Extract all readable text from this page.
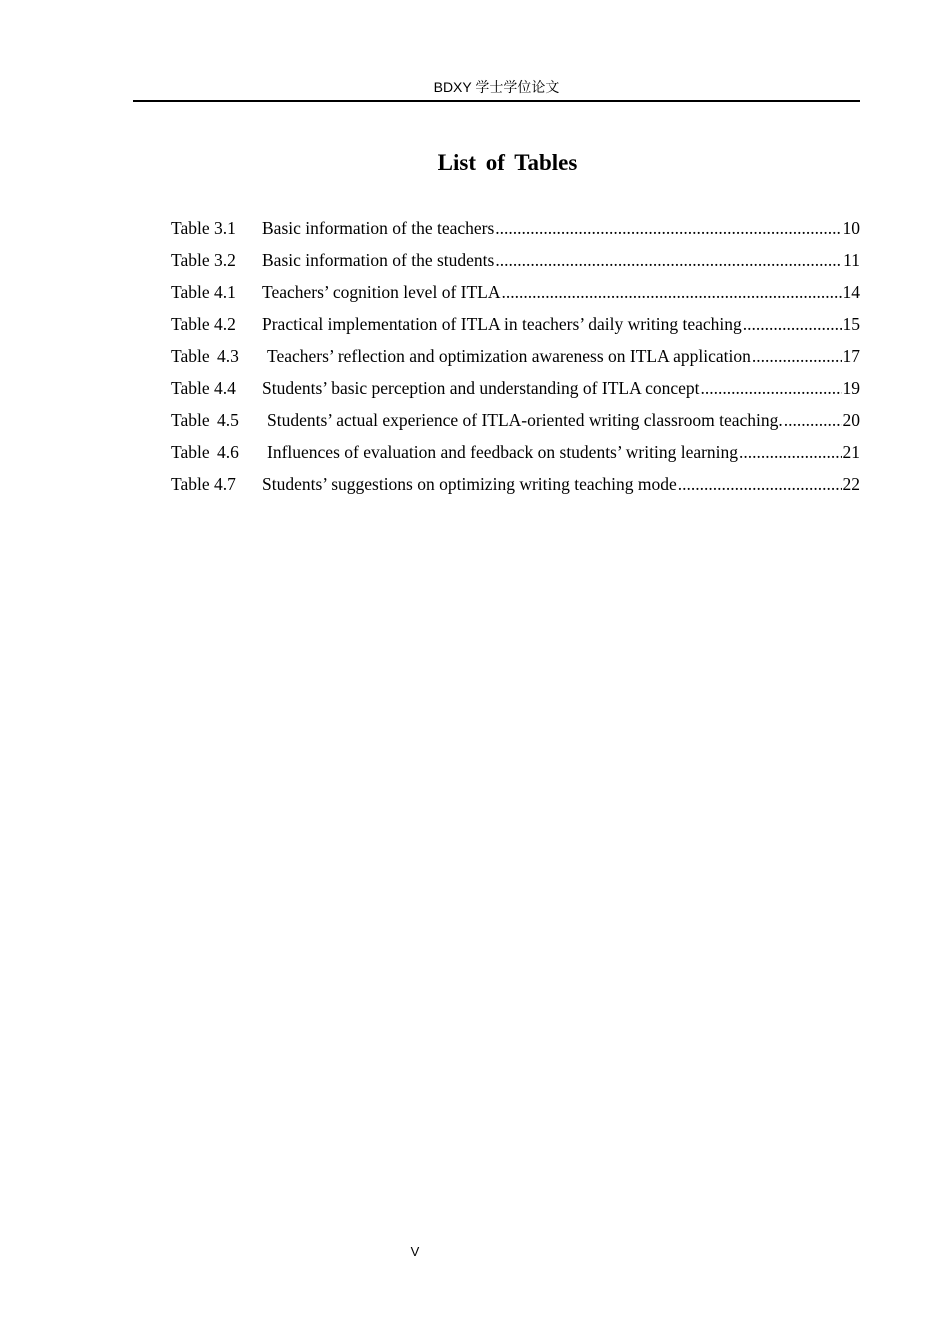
BDXY 学士学位论文
List of Tables
Table 3.1	Basic information of the teachers .....	10
Table 3.2	Basic information of the students .....	11
Table 4.1	Teachers’ cognition level of ITLA .....	14
Table 4.2	Practical implementation of ITLA in teachers’ daily writing teaching .....	15
Table 4.3	Teachers’ reflection and optimization awareness on ITLA application .....	17
Table 4.4	Students’ basic perception and understanding of ITLA concept .....	19
Table 4.5	Students’ actual experience of ITLA-oriented writing classroom teaching. .....	20
Table 4.6	Influences of evaluation and feedback on students’ writing learning .....	21
Table 4.7	Students’ suggestions on optimizing writing teaching mode .....	22
V
